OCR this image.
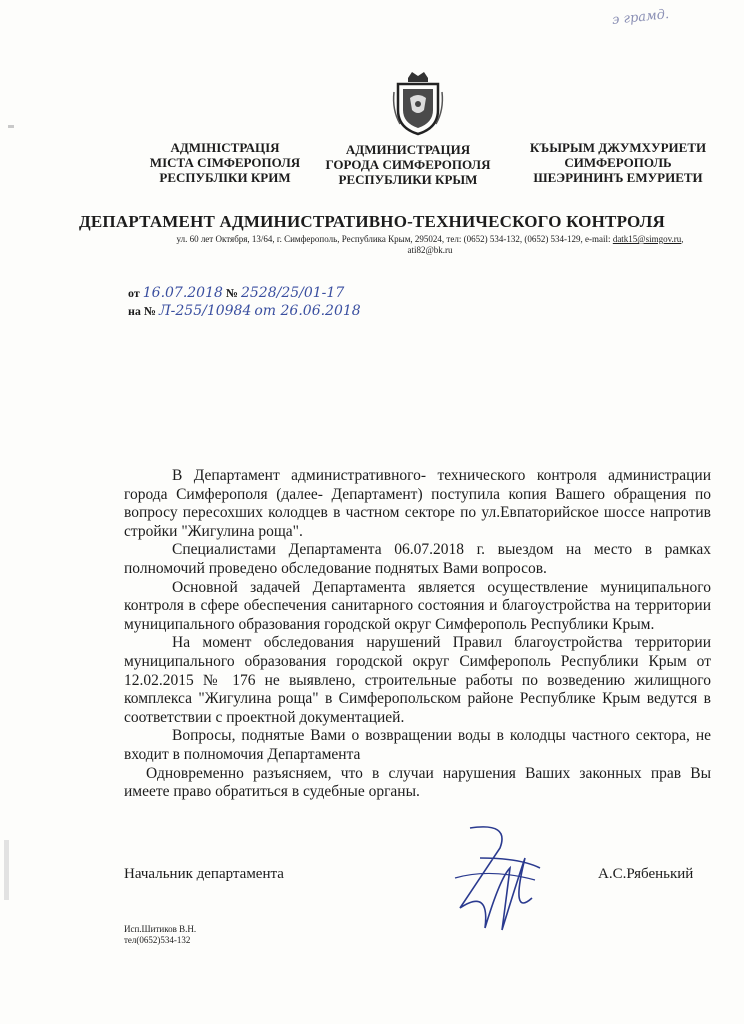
э грамд.
АДМІНІСТРАЦІЯ
МІСТА СІМФЕРОПОЛЯ
РЕСПУБЛІКИ КРИМ
АДМИНИСТРАЦИЯ
ГОРОДА СИМФЕРОПОЛЯ
РЕСПУБЛИКИ КРЫМ
КЪЫРЫМ ДЖУМХУРИЕТИ
СИМФЕРОПОЛЬ
ШЕЭРИНИНЪ ЕМУРИЕТИ
ДЕПАРТАМЕНТ АДМИНИСТРАТИВНО-ТЕХНИЧЕСКОГО КОНТРОЛЯ
ул. 60 лет Октября, 13/64, г. Симферополь, Республика Крым, 295024, тел: (0652) 534-132, (0652) 534-129, e-mail: datk15@simgov.ru,
ati82@bk.ru
от 16.07.2018 № 2528/25/01-17
на № Л-255/10984 от 26.06.2018

В Департамент административного- технического контроля администрации города Симферополя (далее- Департамент) поступила копия Вашего обращения по вопросу пересохших колодцев в частном секторе по ул.Евпаторийское шоссе напротив стройки "Жигулина роща".

Специалистами Департамента 06.07.2018 г. выездом на место в рамках полномочий проведено обследование поднятых Вами вопросов.

Основной задачей Департамента является осуществление муниципального контроля в сфере обеспечения санитарного состояния и благоустройства на территории муниципального образования городской округ Симферополь Республики Крым.

На момент обследования нарушений Правил благоустройства территории муниципального образования городской округ Симферополь Республики Крым от 12.02.2015 № 176 не выявлено, строительные работы по возведению жилищного комплекса "Жигулина роща" в Симферопольском районе Республике Крым ведутся в соответствии с проектной документацией.

Вопросы, поднятые Вами о возвращении воды в колодцы частного сектора, не входит в полномочия Департамента

Одновременно разъясняем, что в случаи нарушения Ваших законных прав Вы имеете право обратиться в судебные органы.

Начальник департамента	А.С.Рябенький
Исп.Шитиков В.Н.
тел(0652)534-132
